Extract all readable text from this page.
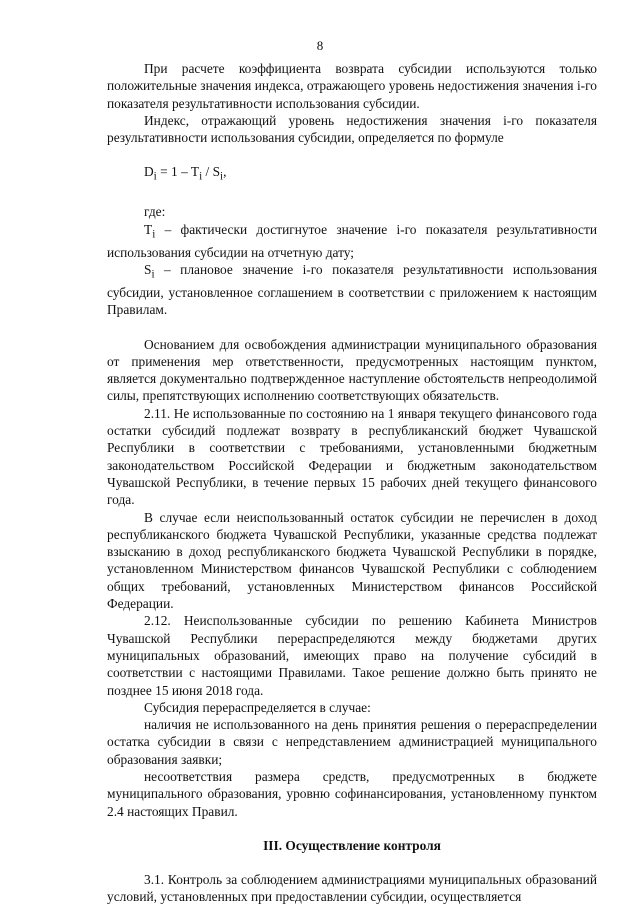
8

При расчете коэффициента возврата субсидии используются только положительные значения индекса, отражающего уровень недостижения значения i-го показателя результативности использования субсидии.

Индекс, отражающий уровень недостижения значения i-го показателя результативности использования субсидии, определяется по формуле

$D_i = 1 - T_i / S_i$,

где:

$T_i$ – фактически достигнутое значение i-го показателя результативности использования субсидии на отчетную дату;

$S_i$ – плановое значение i-го показателя результативности использования субсидии, установленное соглашением в соответствии с приложением к настоящим Правилам.

Основанием для освобождения администрации муниципального образования от применения мер ответственности, предусмотренных настоящим пунктом, является документально подтвержденное наступление обстоятельств непреодолимой силы, препятствующих исполнению соответствующих обязательств.

2.11. Не использованные по состоянию на 1 января текущего финансового года остатки субсидий подлежат возврату в республиканский бюджет Чувашской Республики в соответствии с требованиями, установленными бюджетным законодательством Российской Федерации и бюджетным законодательством Чувашской Республики, в течение первых 15 рабочих дней текущего финансового года.

В случае если неиспользованный остаток субсидии не перечислен в доход республиканского бюджета Чувашской Республики, указанные средства подлежат взысканию в доход республиканского бюджета Чувашской Республики в порядке, установленном Министерством финансов Чувашской Республики с соблюдением общих требований, установленных Министерством финансов Российской Федерации.

2.12. Неиспользованные субсидии по решению Кабинета Министров Чувашской Республики перераспределяются между бюджетами других муниципальных образований, имеющих право на получение субсидий в соответствии с настоящими Правилами. Такое решение должно быть принято не позднее 15 июня 2018 года.

Субсидия перераспределяется в случае:

наличия не использованного на день принятия решения о перераспределении остатка субсидии в связи с непредставлением администрацией муниципального образования заявки;

несоответствия размера средств, предусмотренных в бюджете муниципального образования, уровню софинансирования, установленному пунктом 2.4 настоящих Правил.

III. Осуществление контроля

3.1. Контроль за соблюдением администрациями муниципальных образований условий, установленных при предоставлении субсидии, осуществляется
